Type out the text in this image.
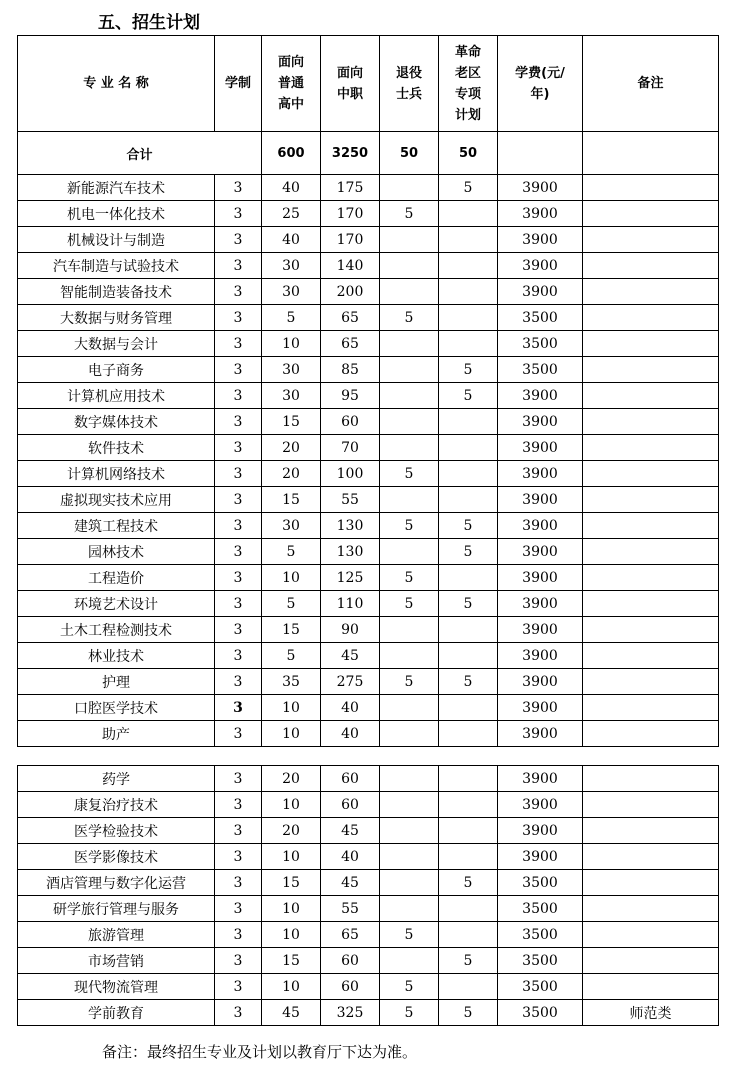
五、招生计划
专 业 名 称	学制	面向普通高中	面向中职	退役士兵	革命老区专项计划	学费(元/年)	备注
合计		600	3250	50	50		
新能源汽车技术	3	40	175		5	3900	
机电一体化技术	3	25	170	5		3900	
机械设计与制造	3	40	170			3900	
汽车制造与试验技术	3	30	140			3900	
智能制造装备技术	3	30	200			3900	
大数据与财务管理	3	5	65	5		3500	
大数据与会计	3	10	65			3500	
电子商务	3	30	85		5	3500	
计算机应用技术	3	30	95		5	3900	
数字媒体技术	3	15	60			3900	
软件技术	3	20	70			3900	
计算机网络技术	3	20	100	5		3900	
虚拟现实技术应用	3	15	55			3900	
建筑工程技术	3	30	130	5	5	3900	
园林技术	3	5	130		5	3900	
工程造价	3	10	125	5		3900	
环境艺术设计	3	5	110	5	5	3900	
土木工程检测技术	3	15	90			3900	
林业技术	3	5	45			3900	
护理	3	35	275	5	5	3900	
口腔医学技术	3	10	40			3900	
助产	3	10	40			3900	
药学	3	20	60			3900	
康复治疗技术	3	10	60			3900	
医学检验技术	3	20	45			3900	
医学影像技术	3	10	40			3900	
酒店管理与数字化运营	3	15	45		5	3500	
研学旅行管理与服务	3	10	55			3500	
旅游管理	3	10	65	5		3500	
市场营销	3	15	60		5	3500	
现代物流管理	3	10	60	5		3500	
学前教育	3	45	325	5	5	3500	师范类
备注：最终招生专业及计划以教育厅下达为准。
